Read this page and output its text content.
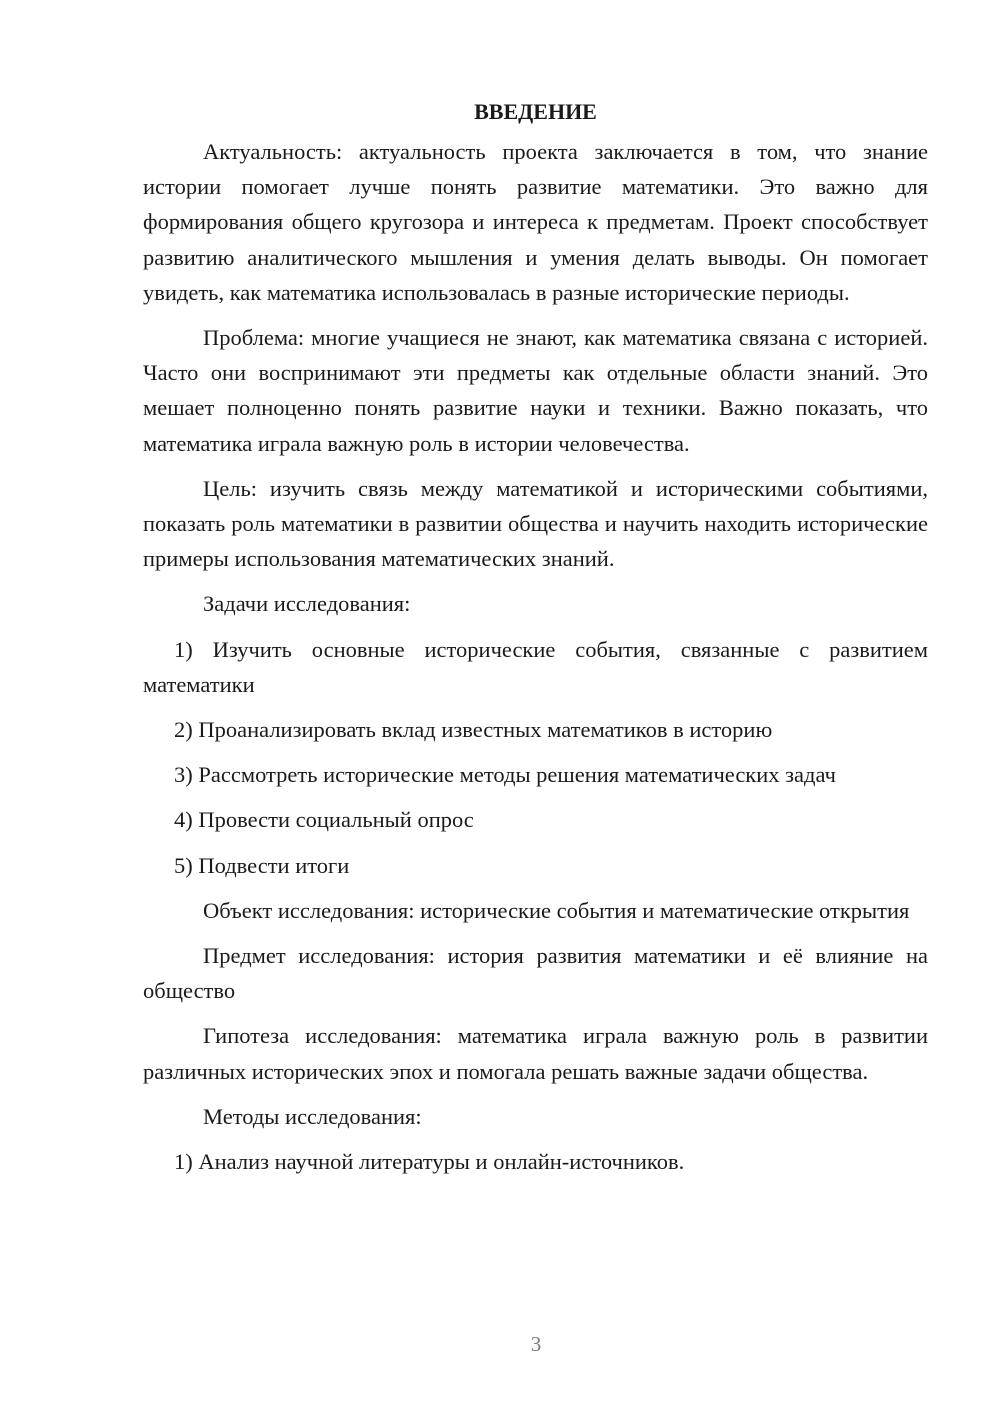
ВВЕДЕНИЕ

Актуальность: актуальность проекта заключается в том, что знание истории помогает лучше понять развитие математики. Это важно для формирования общего кругозора и интереса к предметам. Проект способствует развитию аналитического мышления и умения делать выводы. Он помогает увидеть, как математика использовалась в разные исторические периоды.

Проблема: многие учащиеся не знают, как математика связана с историей. Часто они воспринимают эти предметы как отдельные области знаний. Это мешает полноценно понять развитие науки и техники. Важно показать, что математика играла важную роль в истории человечества.

Цель: изучить связь между математикой и историческими событиями, показать роль математики в развитии общества и научить находить исторические примеры использования математических знаний.

Задачи исследования:

1) Изучить основные исторические события, связанные с развитием математики

2) Проанализировать вклад известных математиков в историю

3) Рассмотреть исторические методы решения математических задач

4) Провести социальный опрос

5) Подвести итоги

Объект исследования: исторические события и математические открытия

Предмет исследования: история развития математики и её влияние на общество

Гипотеза исследования: математика играла важную роль в развитии различных исторических эпох и помогала решать важные задачи общества.

Методы исследования:

1) Анализ научной литературы и онлайн-источников.

3
